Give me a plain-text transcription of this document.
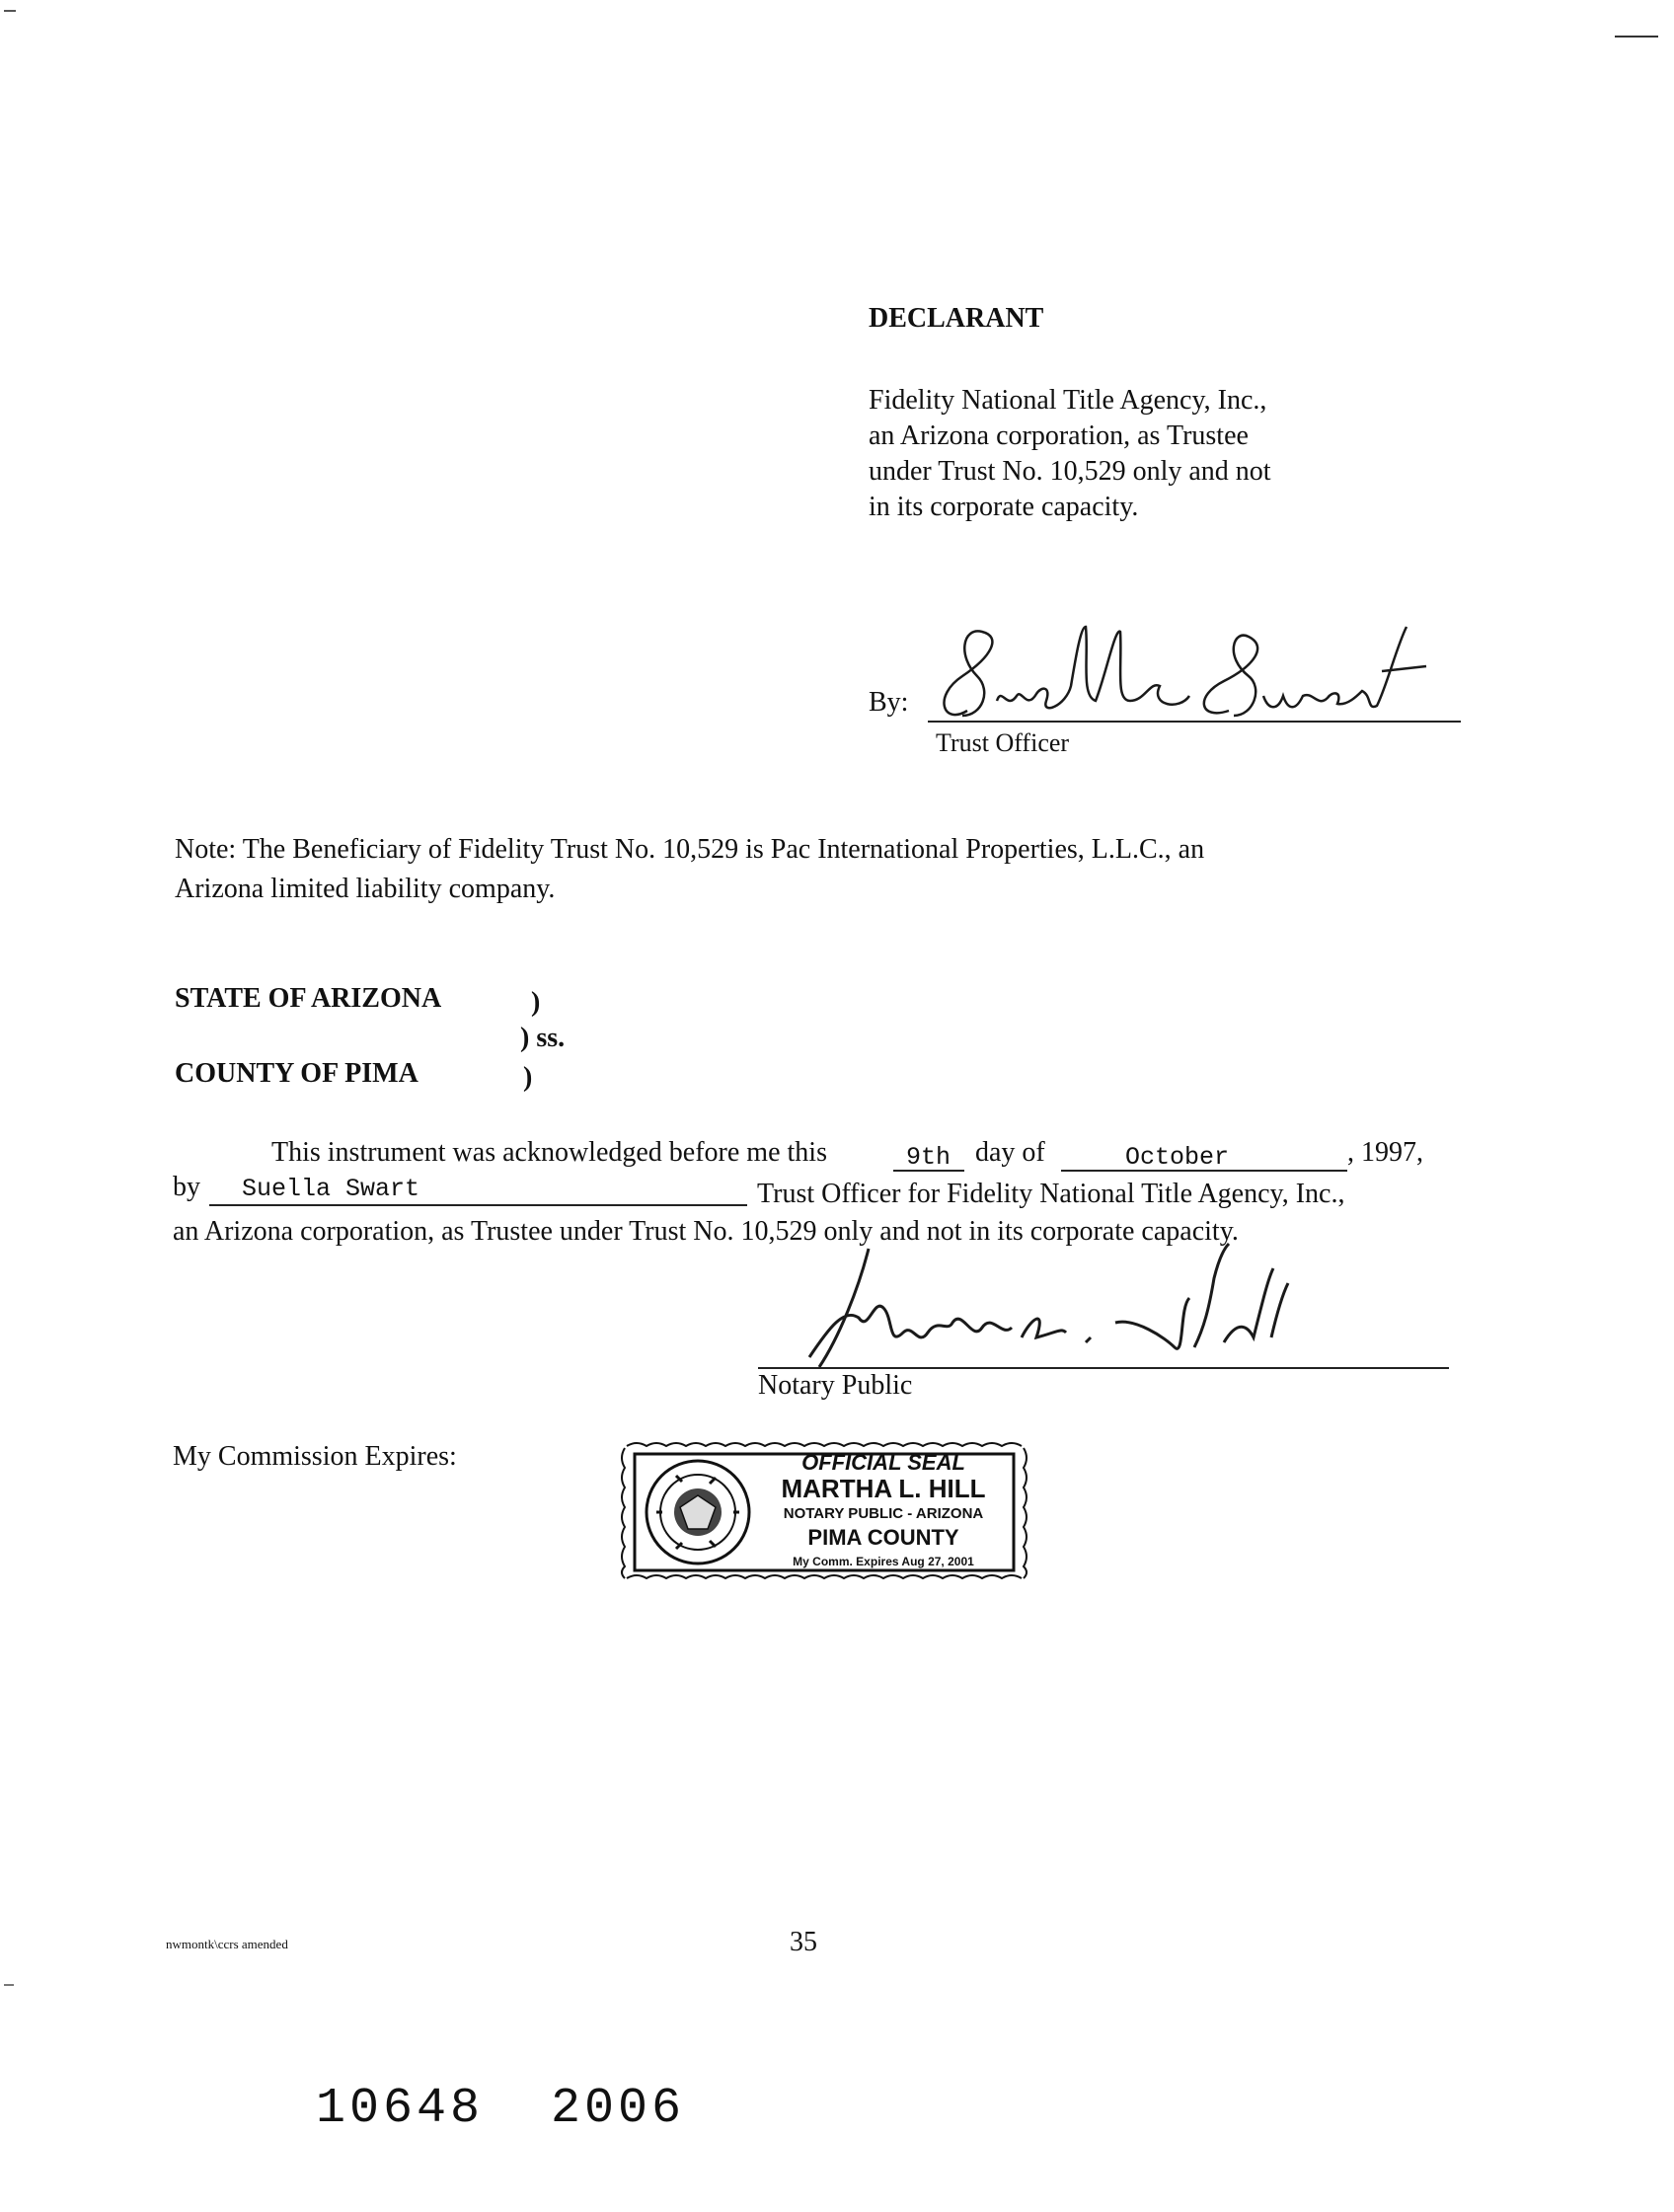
DECLARANT
Fidelity National Title Agency, Inc.,
an Arizona corporation, as Trustee
under Trust No. 10,529 only and not
in its corporate capacity.
By:
Trust Officer
Note: The Beneficiary of Fidelity Trust No. 10,529 is Pac International Properties, L.L.C., an
Arizona limited liability company.
STATE OF ARIZONA	)
) ss.
COUNTY OF PIMA	)
This instrument was acknowledged before me this	9th day of	October	, 1997,
by Suella Swart	Trust Officer for Fidelity National Title Agency, Inc.,
an Arizona corporation, as Trustee under Trust No. 10,529 only and not in its corporate capacity.
Notary Public
My Commission Expires:	OFFICIAL SEAL
MARTHA L. HILL
NOTARY PUBLIC - ARIZONA
PIMA COUNTY
My Comm. Expires Aug 27, 2001
nwmontk\ccrs amended	35
10648  2006
